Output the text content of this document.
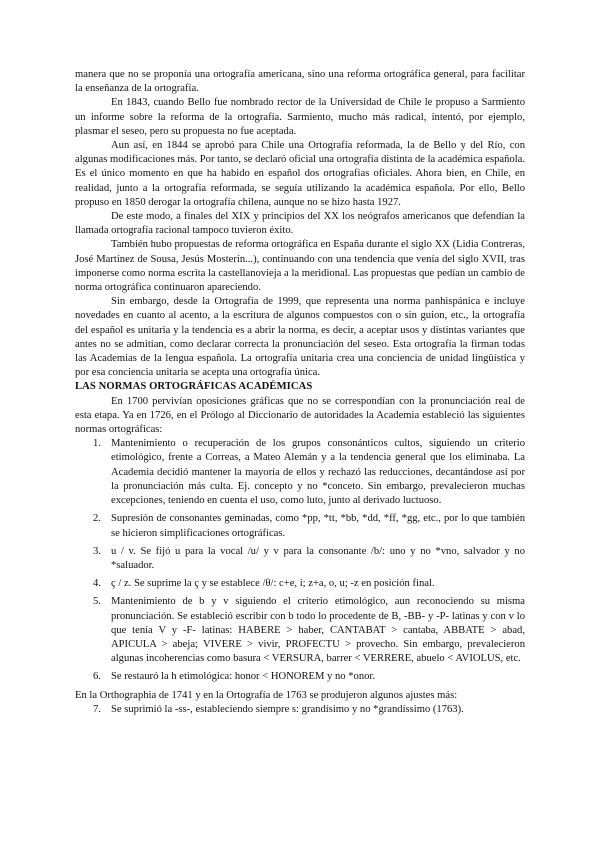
manera que no se proponía una ortografía americana, sino una reforma ortográfica general, para facilitar la enseñanza de la ortografía.

En 1843, cuando Bello fue nombrado rector de la Universidad de Chile le propuso a Sarmiento un informe sobre la reforma de la ortografía. Sarmiento, mucho más radical, intentó, por ejemplo, plasmar el seseo, pero su propuesta no fue aceptada.

Aun así, en 1844 se aprobó para Chile una Ortografía reformada, la de Bello y del Río, con algunas modificaciones más. Por tanto, se declaró oficial una ortografía distinta de la académica española. Es el único momento en que ha habido en español dos ortografías oficiales. Ahora bien, en Chile, en realidad, junto a la ortografía reformada, se seguía utilizando la académica española. Por ello, Bello propuso en 1850 derogar la ortografía chilena, aunque no se hizo hasta 1927.

De este modo, a finales del XIX y principios del XX los neógrafos americanos que defendían la llamada ortografía racional tampoco tuvieron éxito.

También hubo propuestas de reforma ortográfica en España durante el siglo XX (Lidia Contreras, José Martínez de Sousa, Jesús Mosterín...), continuando con una tendencia que venía del siglo XVII, tras imponerse como norma escrita la castellanovieja a la meridional. Las propuestas que pedían un cambio de norma ortográfica continuaron apareciendo.

Sin embargo, desde la Ortografía de 1999, que representa una norma panhispánica e incluye novedades en cuanto al acento, a la escritura de algunos compuestos con o sin guion, etc., la ortografía del español es unitaria y la tendencia es a abrir la norma, es decir, a aceptar usos y distintas variantes que antes no se admitían, como declarar correcta la pronunciación del seseo. Esta ortografía la firman todas las Academias de la lengua española. La ortografía unitaria crea una conciencia de unidad lingüística y por esa conciencia unitaria se acepta una ortografía única.

LAS NORMAS ORTOGRÁFICAS ACADÉMICAS

En 1700 pervivían oposiciones gráficas que no se correspondían con la pronunciación real de esta etapa. Ya en 1726, en el Prólogo al Diccionario de autoridades la Academia estableció las siguientes normas ortográficas:

1. Mantenimiento o recuperación de los grupos consonánticos cultos, siguiendo un criterio etimológico, frente a Correas, a Mateo Alemán y a la tendencia general que los eliminaba. La Academia decidió mantener la mayoría de ellos y rechazó las reducciones, decantándose así por la pronunciación más culta. Ej. concepto y no *conceto. Sin embargo, prevalecieron muchas excepciones, teniendo en cuenta el uso, como luto, junto al derivado luctuoso.
2. Supresión de consonantes geminadas, como *pp, *tt, *bb, *dd, *ff, *gg, etc., por lo que también se hicieron simplificaciones ortográficas.
3. u / v. Se fijó u para la vocal /u/ y v para la consonante /b/: uno y no *vno, salvador y no *saluador.
4. ç / z. Se suprime la ç y se establece /θ/: c+e, i; z+a, o, u; -z en posición final.
5. Mantenimiento de b y v siguiendo el criterio etimológico, aun reconociendo su misma pronunciación. Se estableció escribir con b todo lo procedente de B, -BB- y -P- latinas y con v lo que tenía V y -F- latinas: HABERE > haber, CANTABAT > cantaba, ABBATE > abad, APICULA > abeja; VIVERE > vivir, PROFECTU > provecho. Sin embargo, prevalecieron algunas incoherencias como basura < VERSURA, barrer < VERRERE, abuelo < AVIOLUS, etc.
6. Se restauró la h etimológica: honor < HONOREM y no *onor.

En la Orthographia de 1741 y en la Ortografía de 1763 se produjeron algunos ajustes más:

7. Se suprimió la -ss-, estableciendo siempre s: grandísimo y no *grandíssimo (1763).
